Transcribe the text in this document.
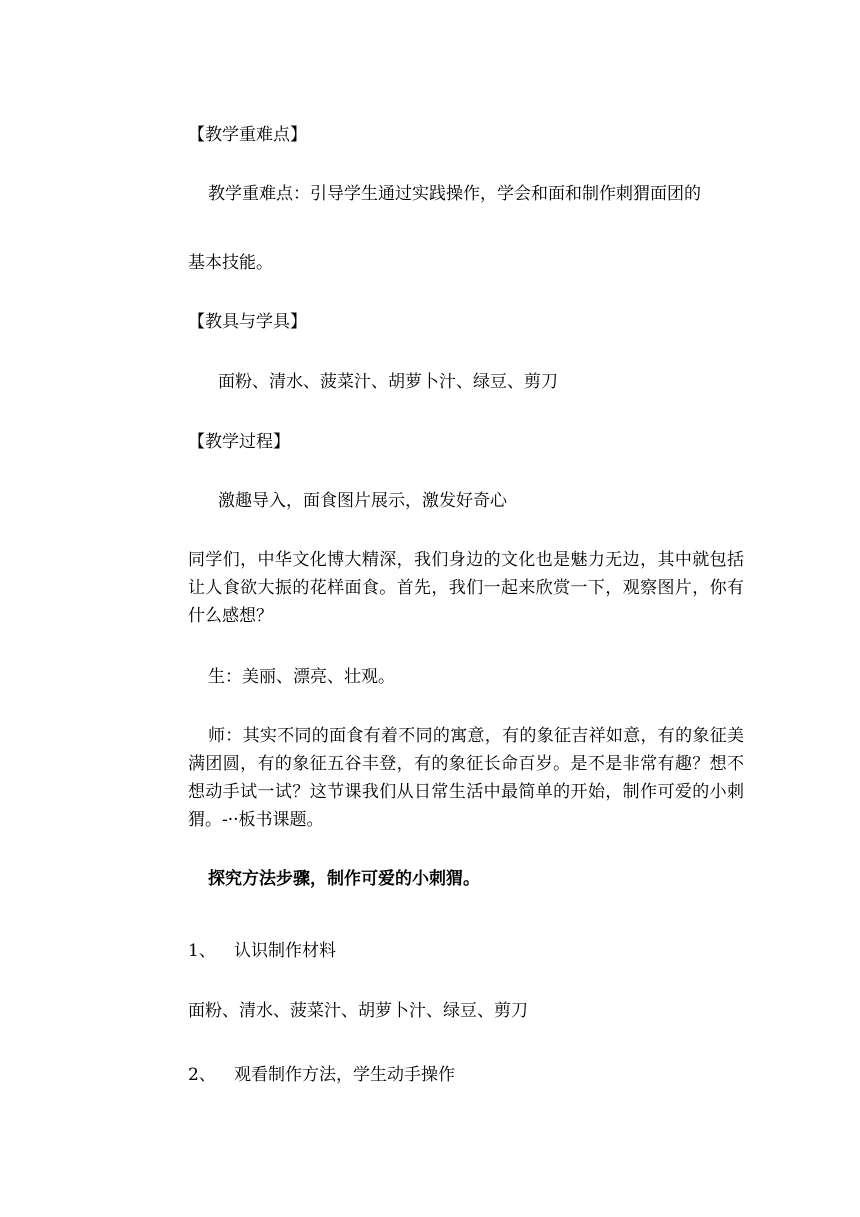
【教学重难点】
教学重难点：引导学生通过实践操作，学会和面和制作刺猬面团的
基本技能。
【教具与学具】
面粉、清水、菠菜汁、胡萝卜汁、绿豆、剪刀
【教学过程】
激趣导入，面食图片展示，激发好奇心
同学们，中华文化博大精深，我们身边的文化也是魅力无边，其中就包括让人食欲大振的花样面食。首先，我们一起来欣赏一下，观察图片，你有什么感想？
生：美丽、漂亮、壮观。
师：其实不同的面食有着不同的寓意，有的象征吉祥如意，有的象征美满团圆，有的象征五谷丰登，有的象征长命百岁。是不是非常有趣？想不想动手试一试？这节课我们从日常生活中最简单的开始，制作可爱的小刺猬。-··板书课题。
探究方法步骤，制作可爱的小刺猬。
1、 认识制作材料
面粉、清水、菠菜汁、胡萝卜汁、绿豆、剪刀
2、 观看制作方法，学生动手操作
